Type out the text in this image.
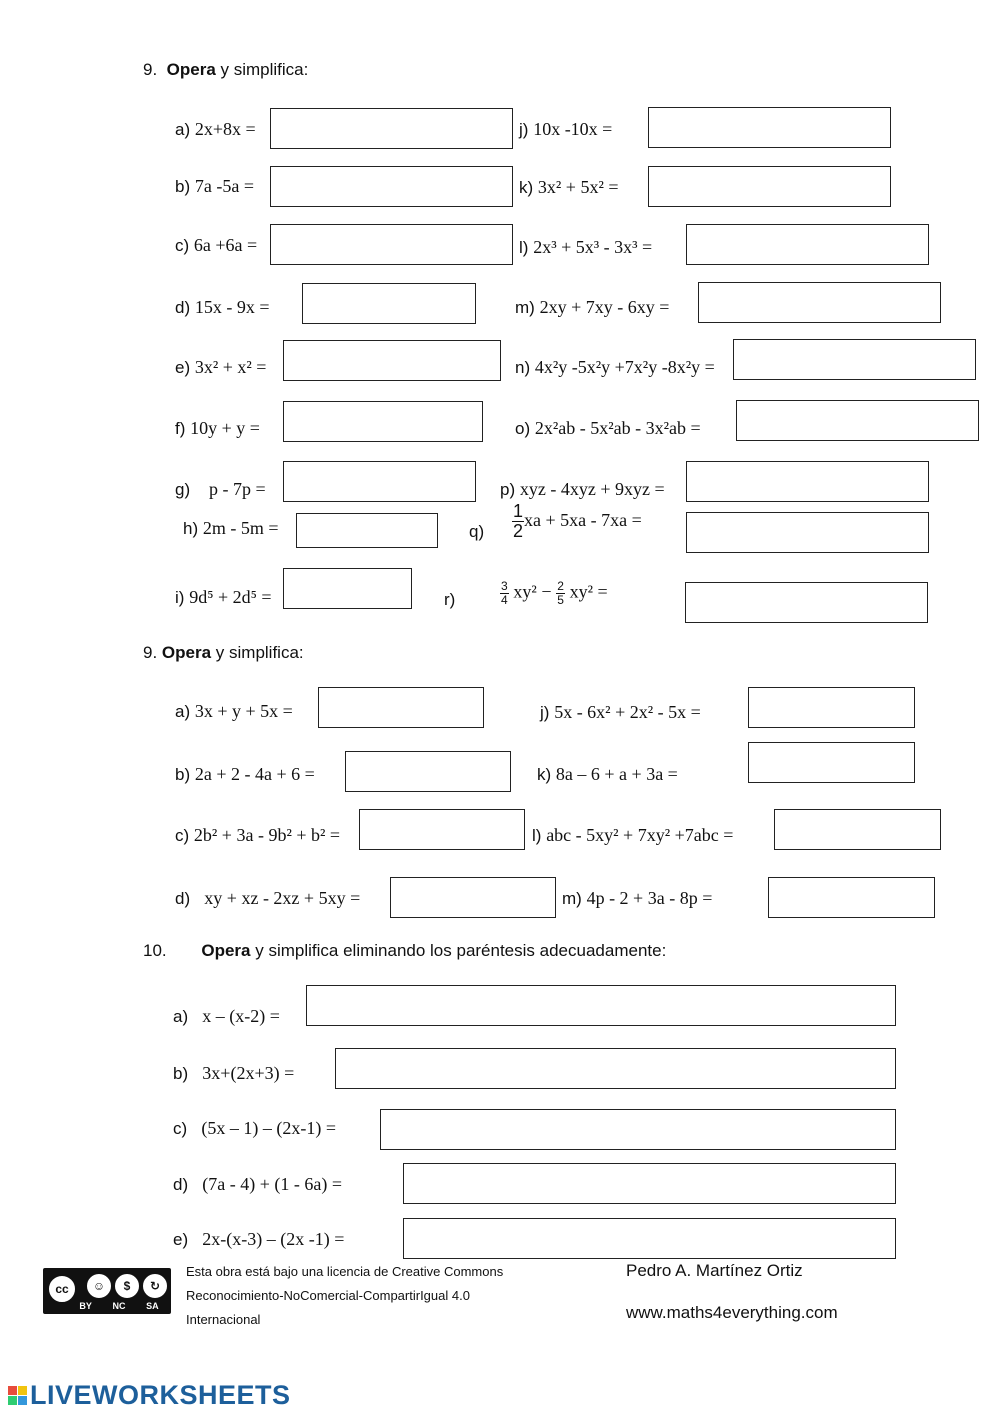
9. Opera y simplifica:
a) 2x+8x =	j) 10x -10x =
b) 7a -5a =	k) 3x² + 5x² =
c) 6a +6a =	l) 2x³ + 5x³ - 3x³ =
d) 15x - 9x =	m) 2xy + 7xy - 6xy =
e) 3x² + x² =	n) 4x²y -5x²y +7x²y -8x²y =
f) 10y + y =	o) 2x²ab - 5x²ab - 3x²ab =
g) p - 7p =	p) xyz - 4xyz + 9xyz =
h) 2m - 5m =	$q) \frac{1}{2}$ xa + 5xa - 7xa =
i) 9d⁵ + 2d⁵ =	r)	$\frac{3}{4} xy^2 - \frac{2}{5} xy^2$ =
9. Opera y simplifica:
a) 3x + y + 5x =	j) 5x - 6x² + 2x² - 5x =
b) 2a + 2 - 4a + 6 =	k) 8a – 6 + a + 3a =
c) 2b² + 3a - 9b² + b² =	l) abc - 5xy² + 7xy² +7abc =
d) xy + xz - 2xz + 5xy =	m) 4p - 2 + 3a - 8p =
10. Opera y simplifica eliminando los paréntesis adecuadamente:
a) x – (x-2) =
b) 3x+(2x+3) =
c) (5x – 1) – (2x-1) =
d) (7a - 4) + (1 - 6a) =
e) 2x-(x-3) – (2x -1) =
cc	☺	$	↻
BY NC SA
Esta obra está bajo una licencia de Creative Commons
Reconocimiento-NoComercial-CompartirIgual 4.0
Internacional
Pedro A. Martínez Ortiz
www.maths4everything.com
LIVEWORKSHEETS
